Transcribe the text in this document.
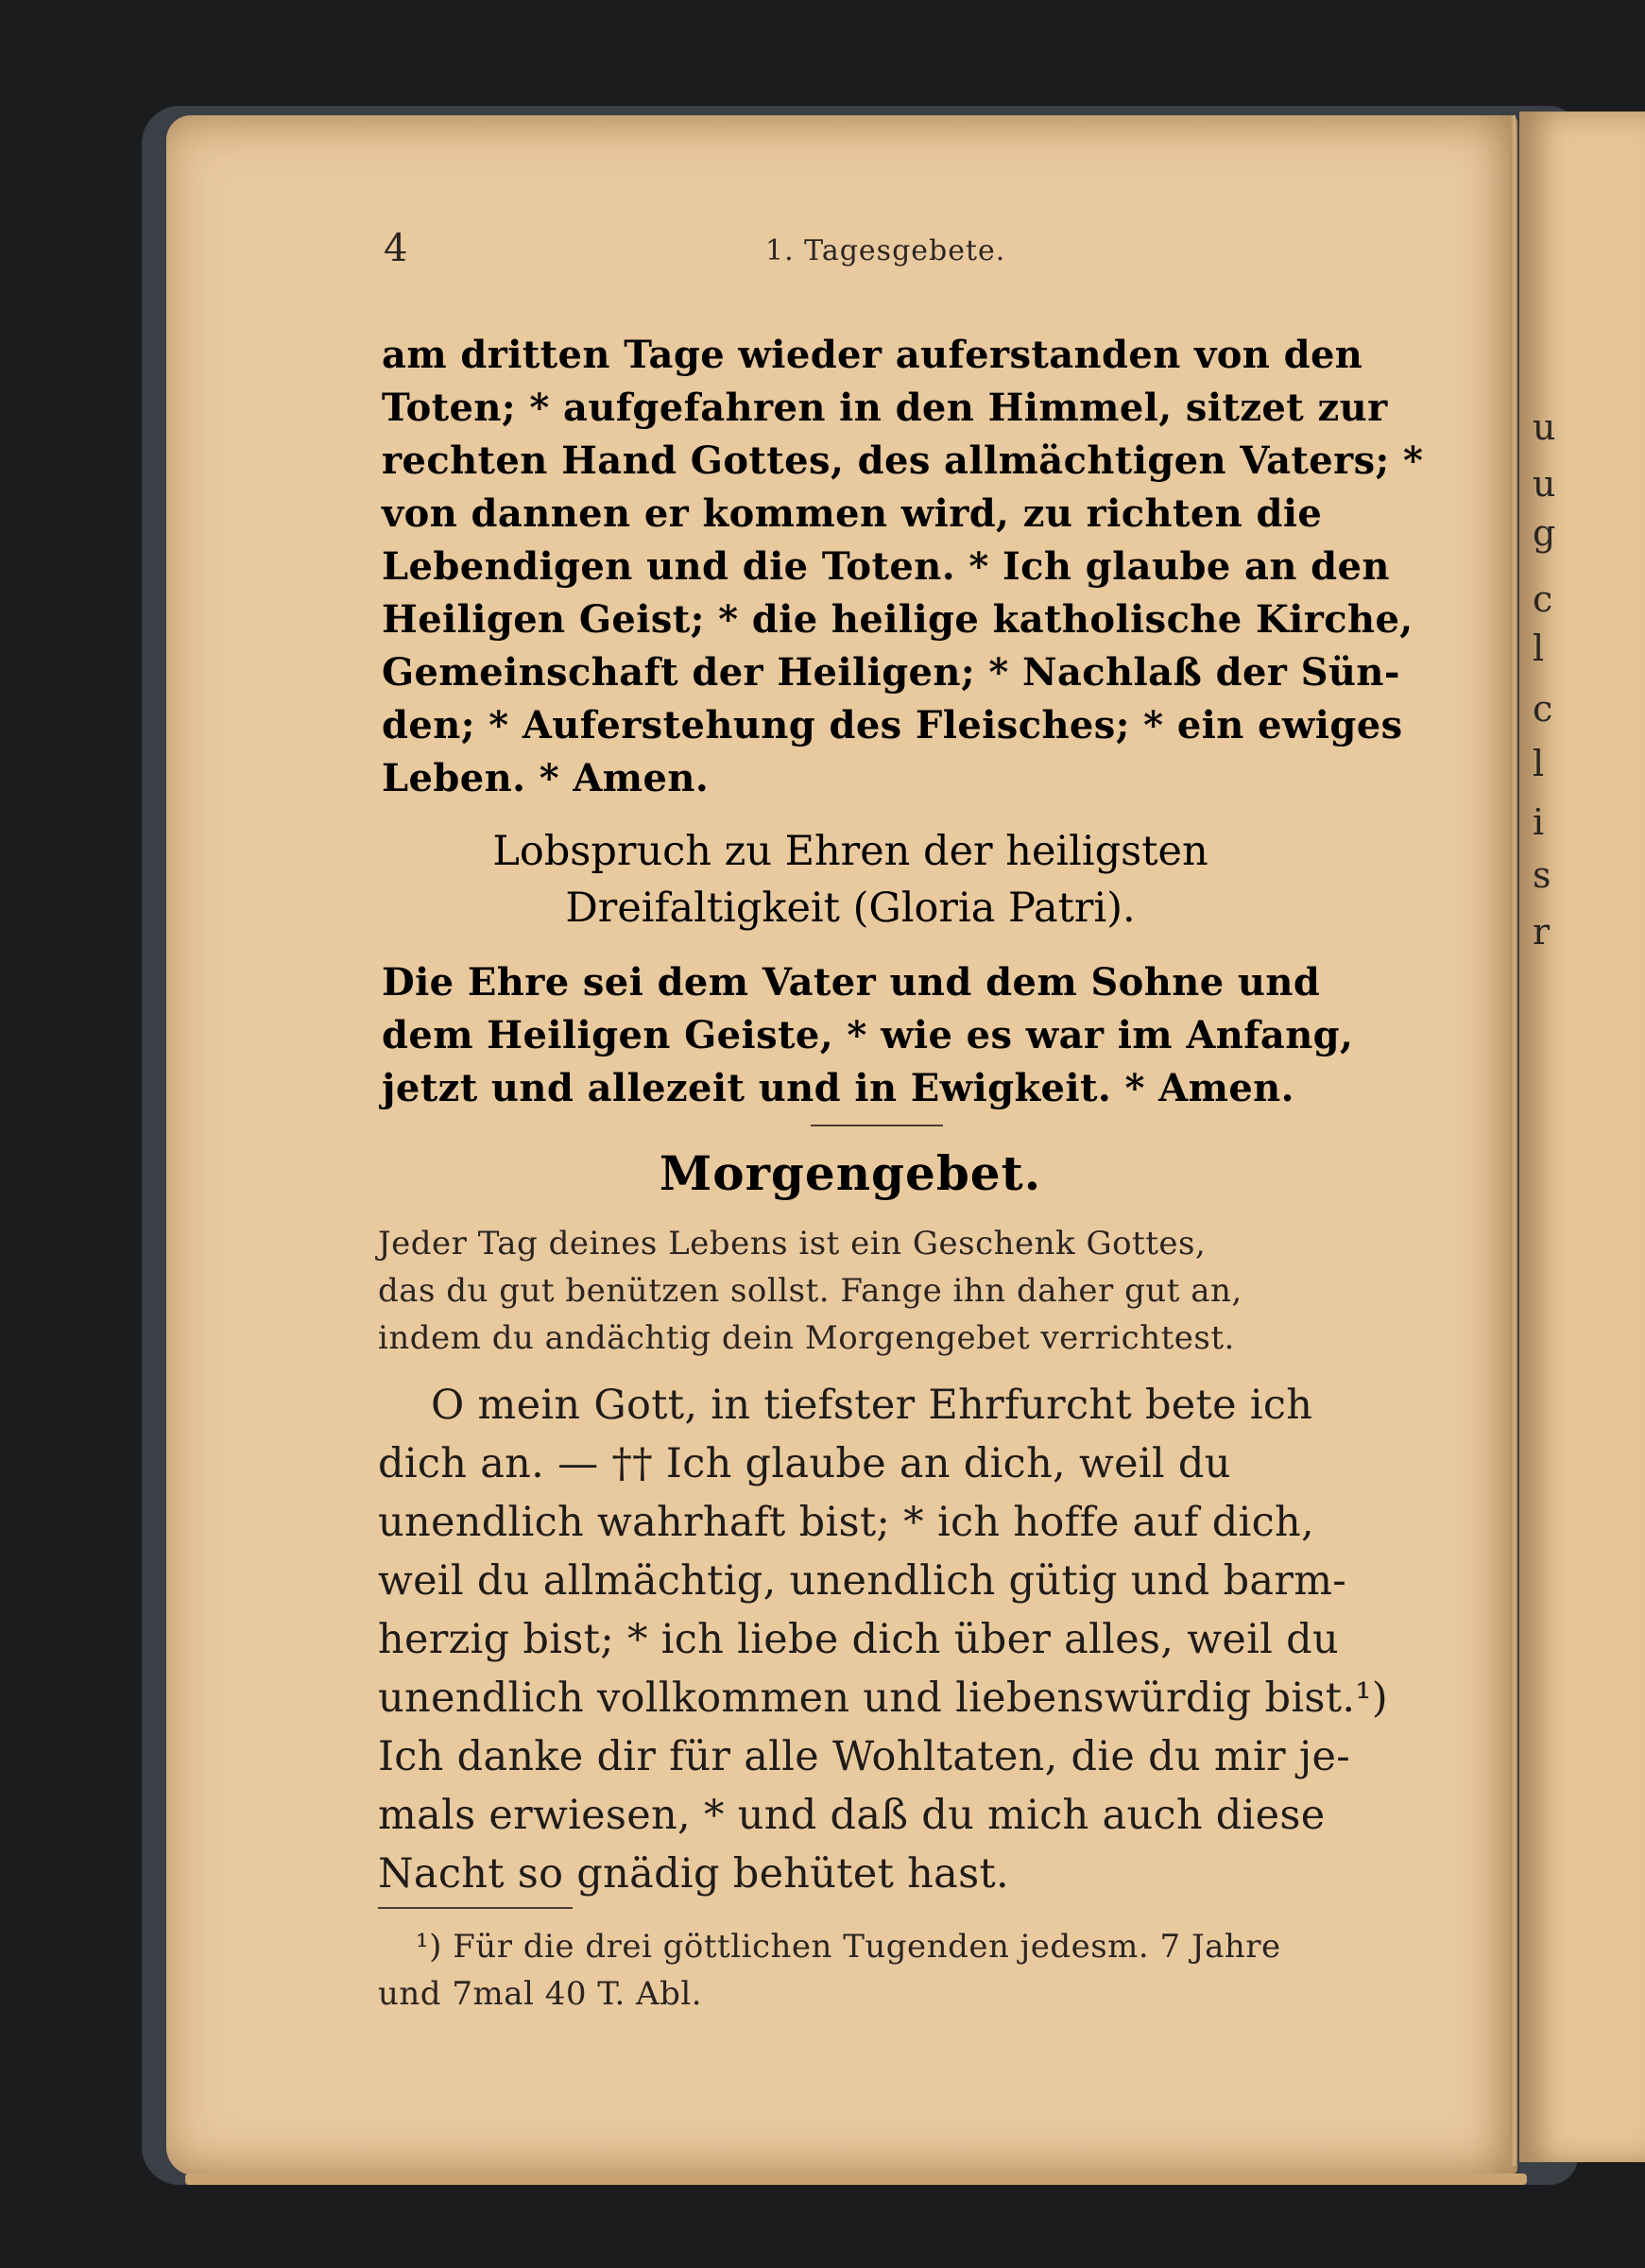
u
u
g
c
l
c
l
i
s
r
4	1. Tagesgebete.
am dritten Tage wieder auferstanden von den
Toten; * aufgefahren in den Himmel, sitzet zur
rechten Hand Gottes, des allmächtigen Vaters; *
von dannen er kommen wird, zu richten die
Lebendigen und die Toten. * Ich glaube an den
Heiligen Geist; * die heilige katholische Kirche,
Gemeinschaft der Heiligen; * Nachlaß der Sün-
den; * Auferstehung des Fleisches; * ein ewiges
Leben. * Amen.
Lobspruch zu Ehren der heiligsten
Dreifaltigkeit (Gloria Patri).
Die Ehre sei dem Vater und dem Sohne und
dem Heiligen Geiste, * wie es war im Anfang,
jetzt und allezeit und in Ewigkeit. * Amen.
Morgengebet.
Jeder Tag deines Lebens ist ein Geschenk Gottes,
das du gut benützen sollst. Fange ihn daher gut an,
indem du andächtig dein Morgengebet verrichtest.
O mein Gott, in tiefster Ehrfurcht bete ich
dich an. — †† Ich glaube an dich, weil du
unendlich wahrhaft bist; * ich hoffe auf dich,
weil du allmächtig, unendlich gütig und barm-
herzig bist; * ich liebe dich über alles, weil du
unendlich vollkommen und liebenswürdig bist.¹)
Ich danke dir für alle Wohltaten, die du mir je-
mals erwiesen, * und daß du mich auch diese
Nacht so gnädig behütet hast.
¹) Für die drei göttlichen Tugenden jedesm. 7 Jahre
und 7mal 40 T. Abl.
